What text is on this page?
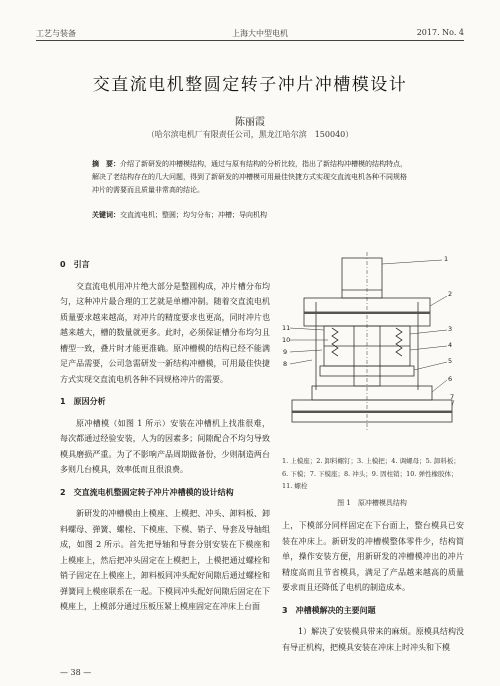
工艺与装备	上海大中型电机	2017. No. 4
交直流电机整圆定转子冲片冲槽模设计
陈丽霞
（哈尔滨电机厂有限责任公司，黑龙江哈尔滨　150040）
摘　要：介绍了新研发的冲槽模结构，通过与原有结构的分析比较，指出了新结构冲槽模的结构特点，解决了老结构存在的几大问题，得到了新研发的冲槽模可用最佳快捷方式实现交直流电机各种不同规格冲片的需要而且质量非常高的结论。
关键词：交直流电机；整圆；均匀分布；冲槽；导向机构
0　引言

交直流电机用冲片绝大部分是整圆构成，冲片槽分布均匀，这种冲片最合理的工艺就是单槽冲制。随着交直流电机质量要求越来越高，对冲片的精度要求也更高，同时冲片也越来越大，槽的数量就更多。此时，必须保证槽分布均匀且槽型一致，叠片时才能更准确。原冲槽模的结构已经不能满足产品需要，公司急需研发一新结构冲槽模，可用最佳快捷方式实现交直流电机各种不同规格冲片的需要。

1　原因分析

原冲槽模（如图 1 所示）安装在冲槽机上找准很难，每次都通过经验安装，人为的因素多；间隙配合不均匀导致模具磨损严重。为了不影响产品周期做备份，少则制造两台多则几台模具，效率低而且很浪费。

2　交直流电机整圆定转子冲片冲槽模的设计结构

新研发的冲槽模由上模座、上模把、冲头、卸料板、卸料螺母、弹簧、螺栓、下模座、下模、销子、导套及导轴组成，如图 2 所示。首先把导轴和导套分别安装在下模座和上模座上，然后把冲头固定在上模把上，上模把通过螺栓和销子固定在上模座上，卸料板同冲头配好间隙后通过螺栓和弹簧同上模座联系在一起。下模同冲头配好间隙后固定在下模座上，上模部分通过压板压紧上模座固定在冲床上台面

1
2
3
4
5
6
7
8
9
10
11
1. 上模座；2. 卸料螺钉；3. 上模把；4. 调螺母；5. 卸料板；6. 下模；7. 下模座；8. 冲头；9. 固柱销；10. 弹性橡胶体；11. 螺栓
图 1　原冲槽模具结构

上，下模部分同样固定在下台面上，整台模具已安装在冲床上。新研发的冲槽模整体零件少，结构简单，操作安装方便，用新研发的冲槽模冲出的冲片精度高而且节省模具，满足了产品越来越高的质量要求而且还降低了电机的制造成本。

3　冲槽模解决的主要问题

1）解决了安装模具带来的麻烦。原模具结构没有导正机构，把模具安装在冲床上时冲头和下模

— 38 —
